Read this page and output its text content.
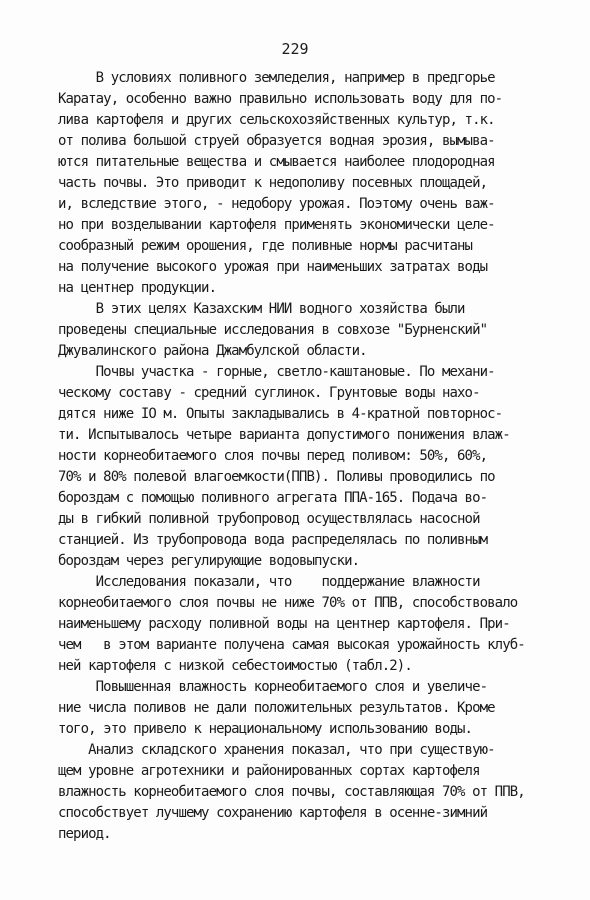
229
В условиях поливного земледелия, например в предгорье
Каратау, особенно важно правильно использовать воду для по-
лива картофеля и других сельскохозяйственных культур, т.к.
от полива большой струей образуется водная эрозия, вымыва-
ются питательные вещества и смывается наиболее плодородная
часть почвы. Это приводит к недополиву посевных площадей,
и, вследствие этого, - недобору урожая. Поэтому очень важ-
но при возделывании картофеля применять экономически целе-
сообразный режим орошения, где поливные нормы расчитаны
на получение высокого урожая при наименьших затратах воды
на центнер продукции.
В этих целях Казахским НИИ водного хозяйства были
проведены специальные исследования в совхозе "Бурненский"
Джувалинского района Джамбулской области.
Почвы участка - горные, светло-каштановые. По механи-
ческому составу - средний суглинок. Грунтовые воды нахо-
дятся ниже IO м. Опыты закладывались в 4-кратной повторнос-
ти. Испытывалось четыре варианта допустимого понижения влаж-
ности корнеобитаемого слоя почвы перед поливом: 50%, 60%,
70% и 80% полевой влагоемкости(ППВ). Поливы проводились по
бороздам с помощью поливного агрегата ППА-165. Подача во-
ды в гибкий поливной трубопровод осуществлялась насосной
станцией. Из трубопровода вода распределялась по поливным
бороздам через регулирующие водовыпуски.
Исследования показали, что    поддержание влажности
корнеобитаемого слоя почвы не ниже 70% от ППВ, способствовало
наименьшему расходу поливной воды на центнер картофеля. При-
чем   в этом варианте получена самая высокая урожайность клуб-
ней картофеля с низкой себестоимостью (табл.2).
Повышенная влажность корнеобитаемого слоя и увеличе-
ние числа поливов не дали положительных результатов. Кроме
того, это привело к нерациональному использованию воды.
Анализ складского хранения показал, что при существую-
щем уровне агротехники и районированных сортах картофеля
влажность корнеобитаемого слоя почвы, составляющая 70% от ППВ,
способствует лучшему сохранению картофеля в осенне-зимний
период.
